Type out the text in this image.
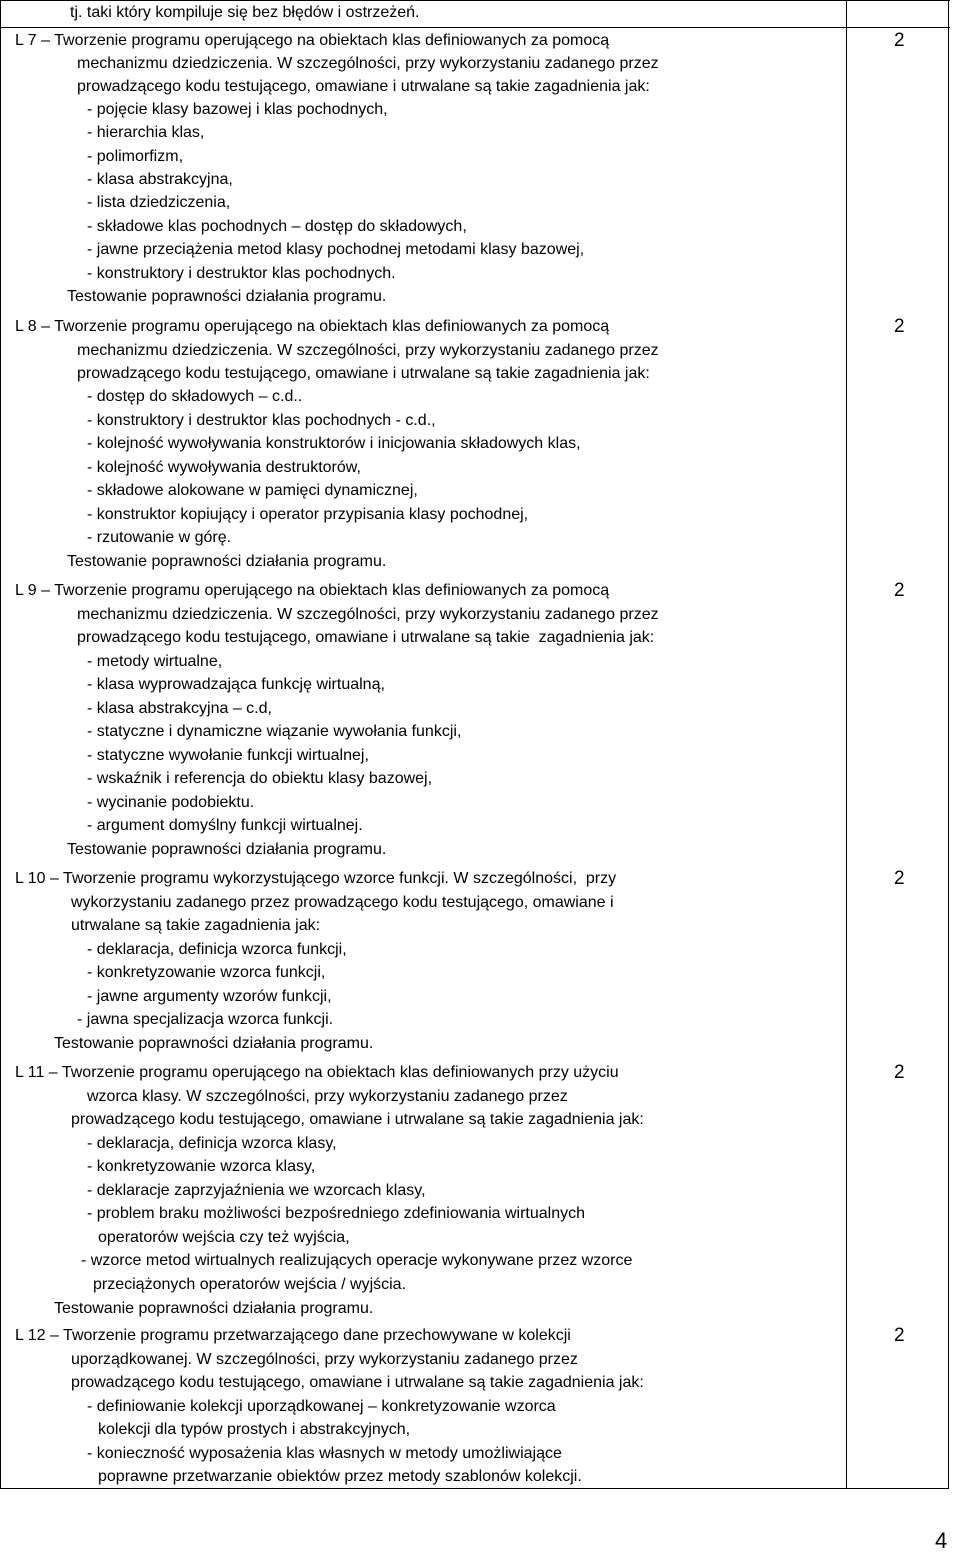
tj. taki który kompiluje się bez błędów i ostrzeżeń.
L 7 – Tworzenie programu operującego na obiektach klas definiowanych za pomocą
mechanizmu dziedziczenia. W szczególności, przy wykorzystaniu zadanego przez
prowadzącego kodu testującego, omawiane i utrwalane są takie zagadnienia jak:
- pojęcie klasy bazowej i klas pochodnych,
- hierarchia klas,
- polimorfizm,
- klasa abstrakcyjna,
- lista dziedziczenia,
- składowe klas pochodnych – dostęp do składowych,
- jawne przeciążenia metod klasy pochodnej metodami klasy bazowej,
- konstruktory i destruktor klas pochodnych.
Testowanie poprawności działania programu.
2
L 8 – Tworzenie programu operującego na obiektach klas definiowanych za pomocą
mechanizmu dziedziczenia. W szczególności, przy wykorzystaniu zadanego przez
prowadzącego kodu testującego, omawiane i utrwalane są takie zagadnienia jak:
- dostęp do składowych – c.d..
- konstruktory i destruktor klas pochodnych - c.d.,
- kolejność wywoływania konstruktorów i inicjowania składowych klas,
- kolejność wywoływania destruktorów,
- składowe alokowane w pamięci dynamicznej,
- konstruktor kopiujący i operator przypisania klasy pochodnej,
- rzutowanie w górę.
Testowanie poprawności działania programu.
2
L 9 – Tworzenie programu operującego na obiektach klas definiowanych za pomocą
mechanizmu dziedziczenia. W szczególności, przy wykorzystaniu zadanego przez
prowadzącego kodu testującego, omawiane i utrwalane są takie  zagadnienia jak:
- metody wirtualne,
- klasa wyprowadzająca funkcję wirtualną,
- klasa abstrakcyjna – c.d,
- statyczne i dynamiczne wiązanie wywołania funkcji,
- statyczne wywołanie funkcji wirtualnej,
- wskaźnik i referencja do obiektu klasy bazowej,
- wycinanie podobiektu.
- argument domyślny funkcji wirtualnej.
Testowanie poprawności działania programu.
2
L 10 – Tworzenie programu wykorzystującego wzorce funkcji. W szczególności,  przy
wykorzystaniu zadanego przez prowadzącego kodu testującego, omawiane i
utrwalane są takie zagadnienia jak:
- deklaracja, definicja wzorca funkcji,
- konkretyzowanie wzorca funkcji,
- jawne argumenty wzorów funkcji,
- jawna specjalizacja wzorca funkcji.
Testowanie poprawności działania programu.
2
L 11 – Tworzenie programu operującego na obiektach klas definiowanych przy użyciu
wzorca klasy. W szczególności, przy wykorzystaniu zadanego przez
prowadzącego kodu testującego, omawiane i utrwalane są takie zagadnienia jak:
- deklaracja, definicja wzorca klasy,
- konkretyzowanie wzorca klasy,
- deklaracje zaprzyjaźnienia we wzorcach klasy,
- problem braku możliwości bezpośredniego zdefiniowania wirtualnych
operatorów wejścia czy też wyjścia,
- wzorce metod wirtualnych realizujących operacje wykonywane przez wzorce
przeciążonych operatorów wejścia / wyjścia.
Testowanie poprawności działania programu.
2
L 12 – Tworzenie programu przetwarzającego dane przechowywane w kolekcji
uporządkowanej. W szczególności, przy wykorzystaniu zadanego przez
prowadzącego kodu testującego, omawiane i utrwalane są takie zagadnienia jak:
- definiowanie kolekcji uporządkowanej – konkretyzowanie wzorca
kolekcji dla typów prostych i abstrakcyjnych,
- konieczność wyposażenia klas własnych w metody umożliwiające
poprawne przetwarzanie obiektów przez metody szablonów kolekcji.
2
4
